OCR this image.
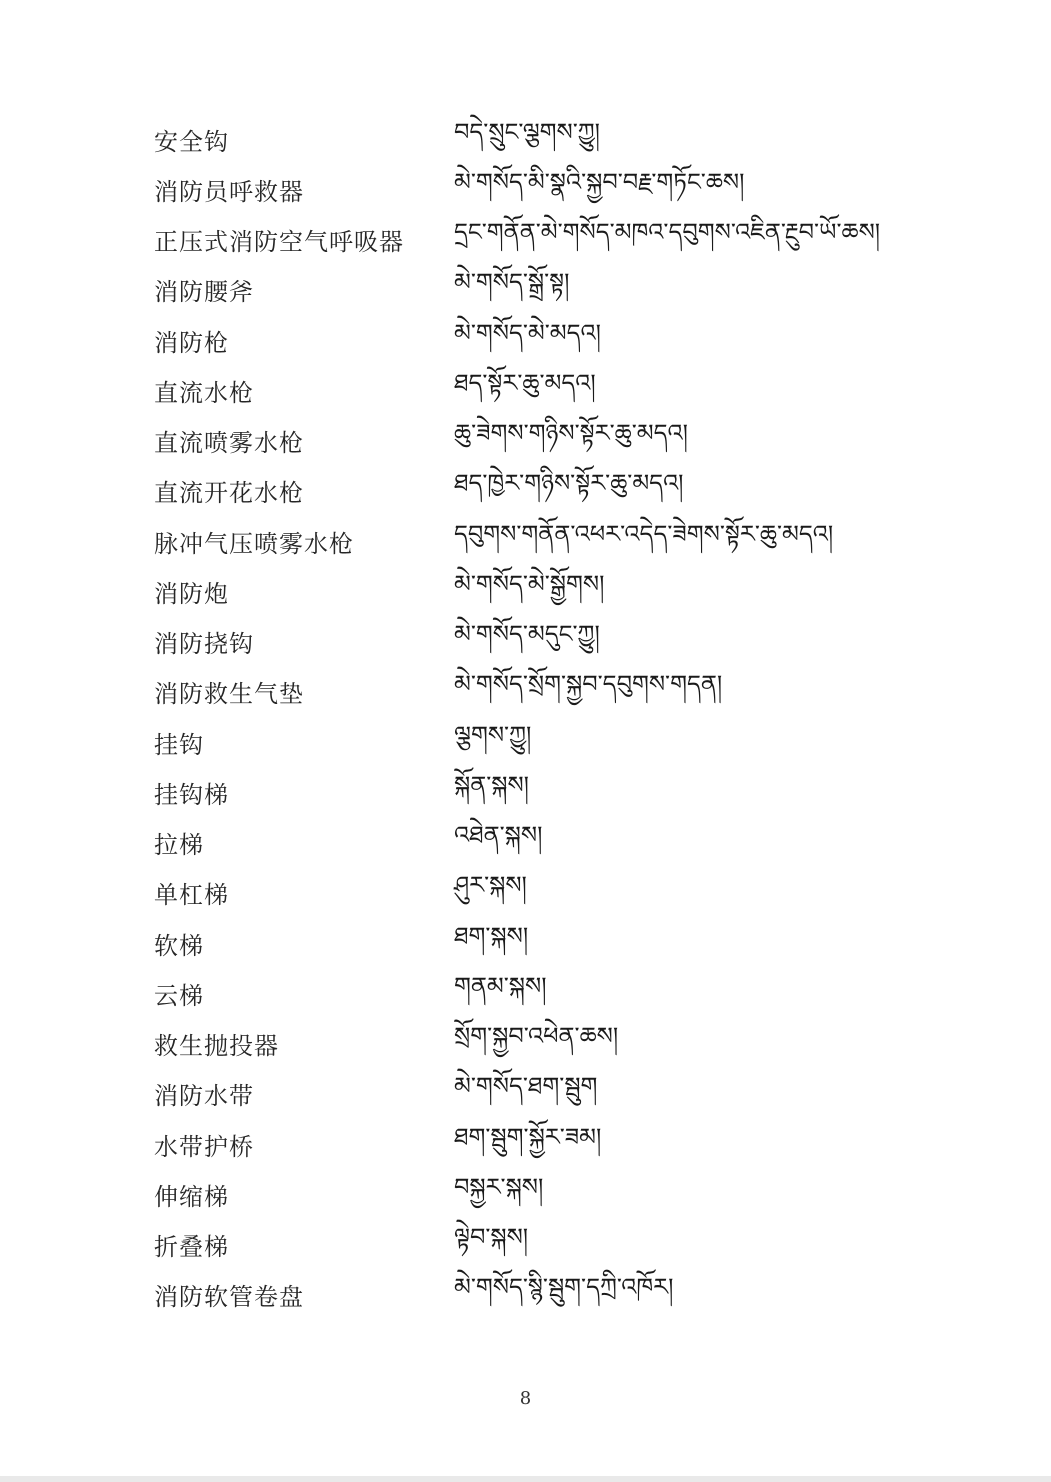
安全钩	བདེ་སྲུང་ལྕགས་ཀྱུ།
消防员呼救器	མེ་གསོད་མི་སྣའི་སྐྱབ་བརྗ་གཏོང་ཆས།
正压式消防空气呼吸器	དྲང་གནོན་མེ་གསོད་མཁའ་དབུགས་འཇིན་རྔུབ་ཡོ་ཆས།
消防腰斧	མེ་གསོད་སྒྲོ་སྟ།
消防枪	མེ་གསོད་མེ་མདའ།
直流水枪	ཐད་སྟོར་ཆུ་མདའ།
直流喷雾水枪	ཆུ་ཟེགས་གཉིས་སྟོར་ཆུ་མདའ།
直流开花水枪	ཐད་ཁྱེར་གཉིས་སྟོར་ཆུ་མདའ།
脉冲气压喷雾水枪	དབུགས་གནོན་འཕར་འདེད་ཟེགས་སྟོར་ཆུ་མདའ།
消防炮	མེ་གསོད་མེ་སྒྱོགས།
消防挠钩	མེ་གསོད་མདུང་ཀྱུ།
消防救生气垫	མེ་གསོད་སྲོག་སྐྱབ་དབུགས་གདན།
挂钩	ལྕགས་ཀྱུ།
挂钩梯	སྐོན་སྐས།
拉梯	འཐེན་སྐས།
单杠梯	ཤུར་སྐས།
软梯	ཐག་སྐས།
云梯	གནམ་སྐས།
救生抛投器	སྲོག་སྐྱབ་འཕེན་ཆས།
消防水带	མེ་གསོད་ཐག་སྦུག
水带护桥	ཐག་སྦུག་སྐྱོར་ཟམ།
伸缩梯	བསྐྱར་སྐས།
折叠梯	ལྟེབ་སྐས།
消防软管卷盘	མེ་གསོད་སྙི་སྦུག་དཀྲི་འཁོར།
8
